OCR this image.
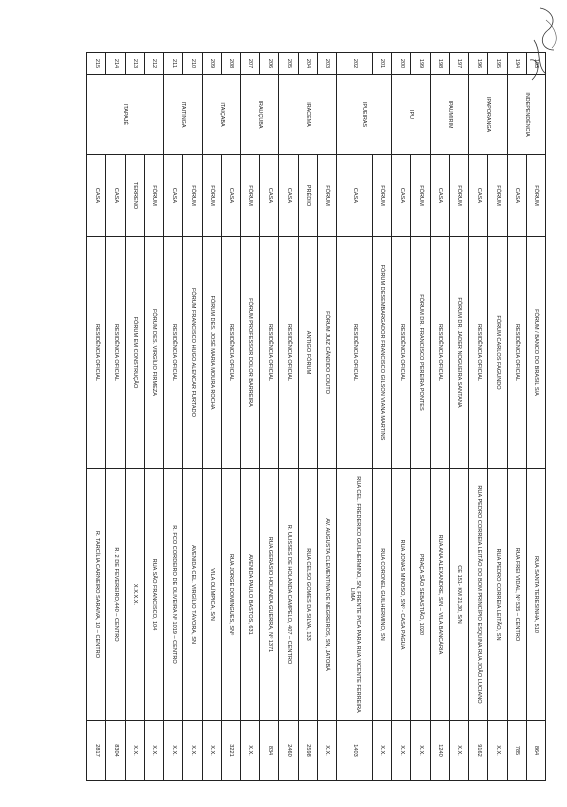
193	INDEPENDÊNCIA	FÓRUM	FÓRUM / BANCO DO BRASIL S/A	RUA SANTA TERESINHA, 510	864
194		CASA	RESIDÊNCIA OFICIAL	RUA FREI VIDAL, Nº 535 – CENTRO	785
195	IPAPORANGA	FÓRUM	FÓRUM CARLOS FAGUNDO	RUA PEDRO CORREIA LEITÃO, SN	X.X.
196		CASA	RESIDÊNCIA OFICIAL	RUA PEDRO CORREIA LEITÃO DO BOM PRINCÍPIO ESQUINA RUA JOÃO LUCIANO	9162
197	IPAUMIRIM	FÓRUM	FÓRUM DR. JADER NOGUEIRA SANTANA	CE 151- KM 21,30, S/N	X.X.
198		CASA	RESIDÊNCIA OFICIAL	RUA ANA ALEXANDRE, S/N – VILA BANCÁRIA	1240
199	IPU	FÓRUM	FÓRUM DR. FRANCISCO PEREIRA PONTES	PRAÇA SÃO SEBASTIÃO, 1020	X.X.
200		CASA	RESIDÊNCIA OFICIAL	RUA JONAS MINOSO, SNº - CASA PÁGUA	X.X.
201	IPUEIRAS	FÓRUM	FÓRUM DESEMBARGADOR FRANCISCO GILSON VIANA MARTINS	RUA CORONEL GUILHERMINO, SN	X.X.
202		CASA	RESIDÊNCIA OFICIAL	RUA CEL. FREDERICO GUILHERMINO, SN, FRENTE P/CA PARA RUA VICENTE FERREIRA LIMA	1403
203	IRACEMA	FÓRUM	FÓRUM JUIZ CÂNDIDO COUTO	AV. AUGUSTA CLEMENTINA DE NEGREIROS, SN, JATOBÁ	X.X.
204		PRÉDIO	ANTIGO FÓRUM	RUA CELSO GOMES DA SILVA, 133	2598
205		CASA	RESIDÊNCIA OFICIAL	R. ULISSES DE HOLANDA CAMPELO, 407 – CENTRO	2460
206	IRAUÇUBA	CASA	RESIDÊNCIA OFICIAL	RUA GERÁSIO HOLANDA GUERRA, Nº 1371	834
207		FÓRUM	FÓRUM PROFESSOR DOLOR BARREIRA	AVENIDA PAULO BASTOS, 631	X.X.
208	ITAIÇABA	CASA	RESIDÊNCIA OFICIAL	RUA JORGE DOMINGUES, SNº	3221
209		FÓRUM	FÓRUM DES. JOSÉ MARIA MOURA ROCHA	VILA OLÍMPICA, S/N	X.X.
210	ITAITINGA	FÓRUM	FÓRUM FRANCISCO HUGO ALENCAR FURTADO	AVENIDA CEL. VIRGÍLIO TÁVORA, SN	X.X.
211		CASA	RESIDÊNCIA OFICIAL	R. FCO CORDEIRO DE OLIVEIRA Nº 1019 – CENTRO	X.X.
212	ITAPAJÉ	FÓRUM	FÓRUM DES. VIRGÍLIO FIRMEZA	RUA SÃO FRANCISCO, 104	X.X.
213		TERRENO	FÓRUM EM CONSTRUÇÃO	X.X.X.X.	X.X.
214		CASA	RESIDÊNCIA OFICIAL	R. 2 DE FEVEREIRO,440 – CENTRO	8304
215		CASA	RESIDÊNCIA OFICIAL	R. TARCÍLIA CARNEIRO SARAIVA, 10 – CENTRO	2817
